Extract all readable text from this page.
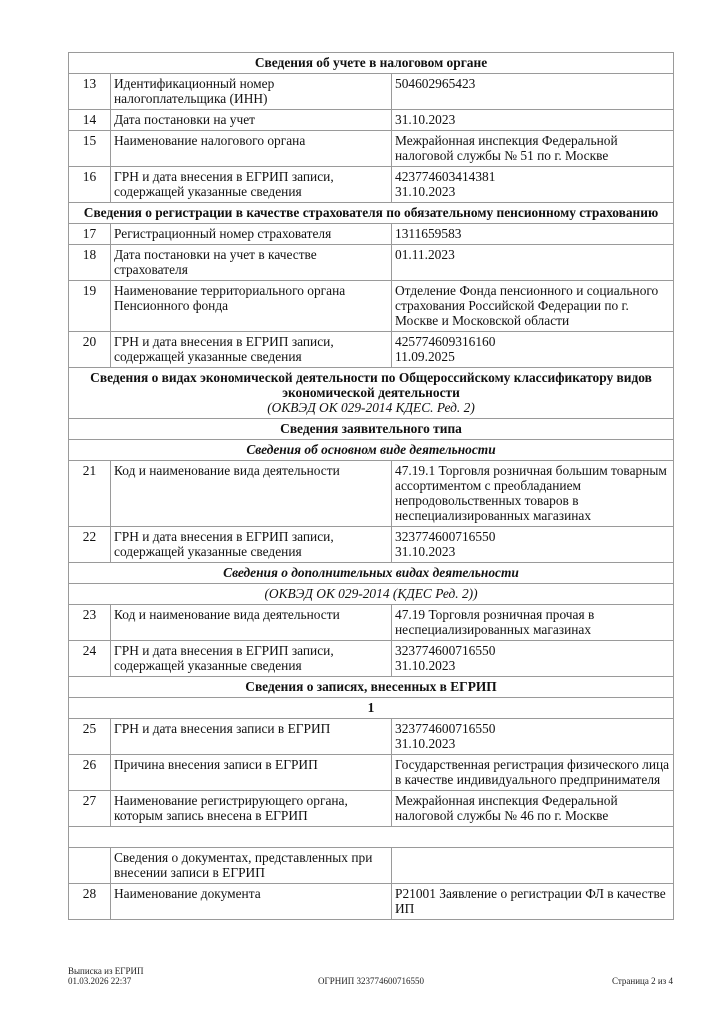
Сведения об учете в налоговом органе		
13	Идентификационный номер налогоплательщика (ИНН)	504602965423
14	Дата постановки на учет	31.10.2023
15	Наименование налогового органа	Межрайонная инспекция Федеральной налоговой службы № 51 по г. Москве
16	ГРН и дата внесения в ЕГРИП записи, содержащей указанные сведения	423774603414381
31.10.2023

Сведения о регистрации в качестве страхователя по обязательному пенсионному страхованию		
17	Регистрационный номер страхователя	1311659583
18	Дата постановки на учет в качестве страхователя	01.11.2023
19	Наименование территориального органа Пенсионного фонда	Отделение Фонда пенсионного и социального страхования Российской Федерации по г. Москве и Московской области
20	ГРН и дата внесения в ЕГРИП записи, содержащей указанные сведения	425774609316160
11.09.2025

Сведения о видах экономической деятельности по Общероссийскому классификатору видов экономической деятельности
(ОКВЭД ОК 029-2014 КДЕС. Ред. 2)		

Сведения заявительного типа		
Сведения об основном виде деятельности		
21	Код и наименование вида деятельности	47.19.1 Торговля розничная большим товарным ассортиментом с преобладанием непродовольственных товаров в неспециализированных магазинах
22	ГРН и дата внесения в ЕГРИП записи, содержащей указанные сведения	323774600716550
31.10.2023

Сведения о дополнительных видах деятельности		
(ОКВЭД ОК 029-2014 (КДЕС Ред. 2))		
23	Код и наименование вида деятельности	47.19 Торговля розничная прочая в неспециализированных магазинах
24	ГРН и дата внесения в ЕГРИП записи, содержащей указанные сведения	323774600716550
31.10.2023

Сведения о записях, внесенных в ЕГРИП		
1		
25	ГРН и дата внесения записи в ЕГРИП	323774600716550
31.10.2023

26	Причина внесения записи в ЕГРИП	Государственная регистрация физического лица в качестве индивидуального предпринимателя
27	Наименование регистрирующего органа, которым запись внесена в ЕГРИП	Межрайонная инспекция Федеральной налоговой службы № 46 по г. Москве

	Сведения о документах, представленных при внесении записи в ЕГРИП	
28	Наименование документа	Р21001 Заявление о регистрации ФЛ в качестве ИП
Выписка из ЕГРИП
01.03.2026 22:37	ОГРНИП 323774600716550	Страница 2 из 4
